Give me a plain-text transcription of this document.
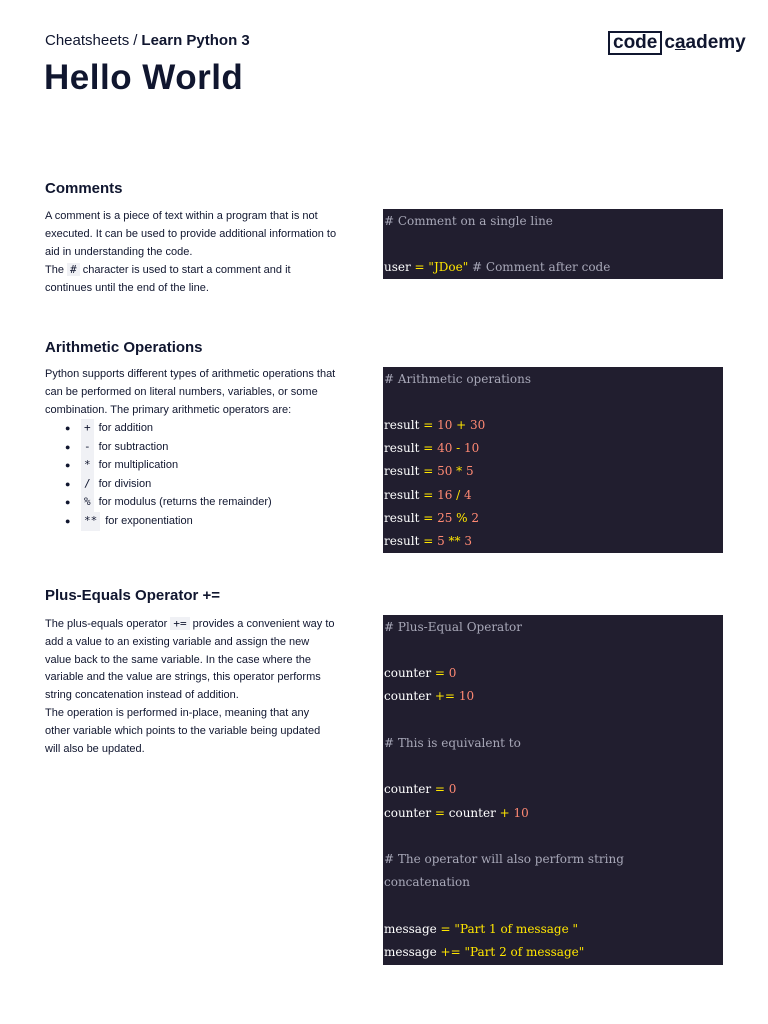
Cheatsheets / Learn Python 3
Hello World
code caademy
Comments

A comment is a piece of text within a program that is not executed. It can be used to provide additional information to aid in understanding the code.

The # character is used to start a comment and it continues until the end of the line.

# Comment on a single line
user = "JDoe" # Comment after code
Arithmetic Operations
Python supports different types of arithmetic operations that can be performed on literal numbers, variables, or some combination. The primary arithmetic operators are:
●	+ for addition
●	- for subtraction
●	* for multiplication
●	/ for division
●	% for modulus (returns the remainder)
●	** for exponentiation
# Arithmetic operations
result = 10 + 30
result = 40 - 10
result = 50 * 5
result = 16 / 4
result = 25 % 2
result = 5 ** 3
Plus-Equals Operator +=

The plus-equals operator += provides a convenient way to add a value to an existing variable and assign the new value back to the same variable. In the case where the variable and the value are strings, this operator performs string concatenation instead of addition.

The operation is performed in-place, meaning that any other variable which points to the variable being updated will also be updated.

# Plus-Equal Operator
counter = 0
counter += 10
# This is equivalent to
counter = 0
counter = counter + 10
# The operator will also perform string
concatenation
message = "Part 1 of message "
message += "Part 2 of message"
